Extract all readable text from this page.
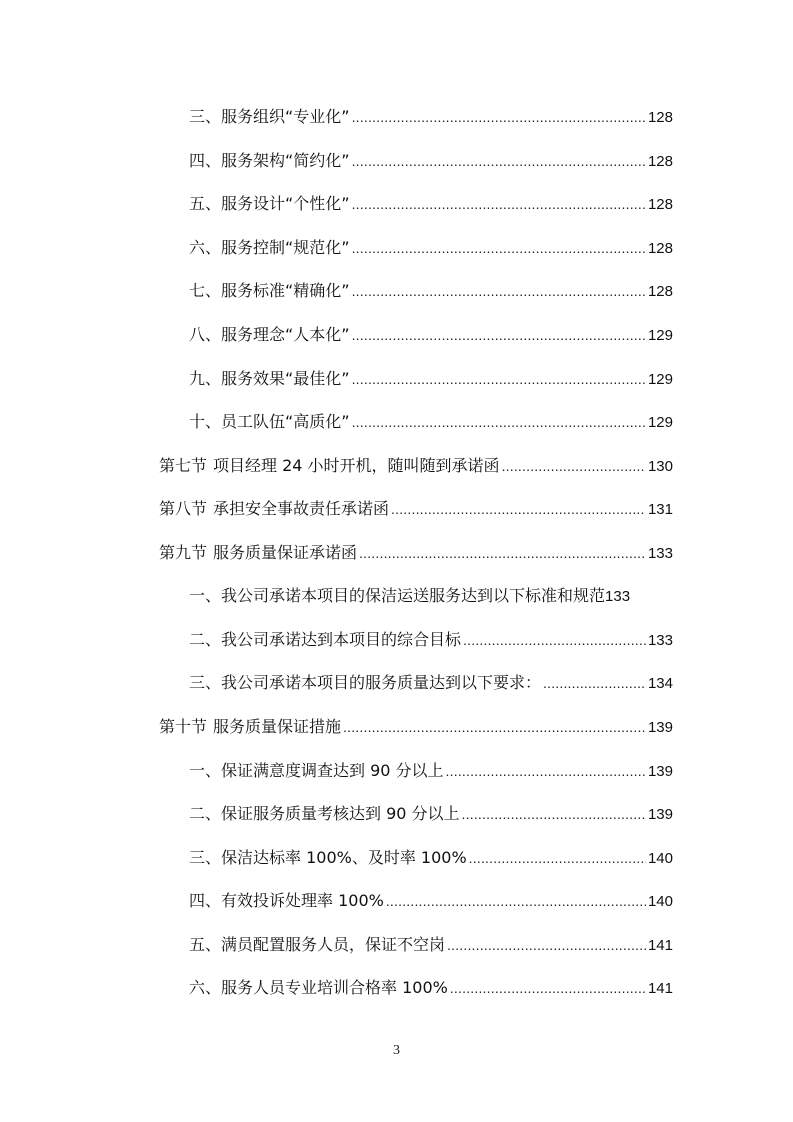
三、服务组织“专业化” .....	128
四、服务架构“简约化” .....	128
五、服务设计“个性化” .....	128
六、服务控制“规范化” .....	128
七、服务标准“精确化” .....	128
八、服务理念“人本化” .....	129
九、服务效果“最佳化” .....	129
十、员工队伍“高质化” .....	129
第七节 项目经理 24 小时开机，随叫随到承诺函 .....	130
第八节 承担安全事故责任承诺函 .....	131
第九节 服务质量保证承诺函 .....	133
一、我公司承诺本项目的保洁运送服务达到以下标准和规范 133
二、我公司承诺达到本项目的综合目标 .....	133
三、我公司承诺本项目的服务质量达到以下要求： .....	134
第十节 服务质量保证措施 .....	139
一、保证满意度调查达到 90 分以上 .....	139
二、保证服务质量考核达到 90 分以上 .....	139
三、保洁达标率 100%、及时率 100% .....	140
四、有效投诉处理率 100% .....	140
五、满员配置服务人员，保证不空岗 .....	141
六、服务人员专业培训合格率 100% .....	141
3
